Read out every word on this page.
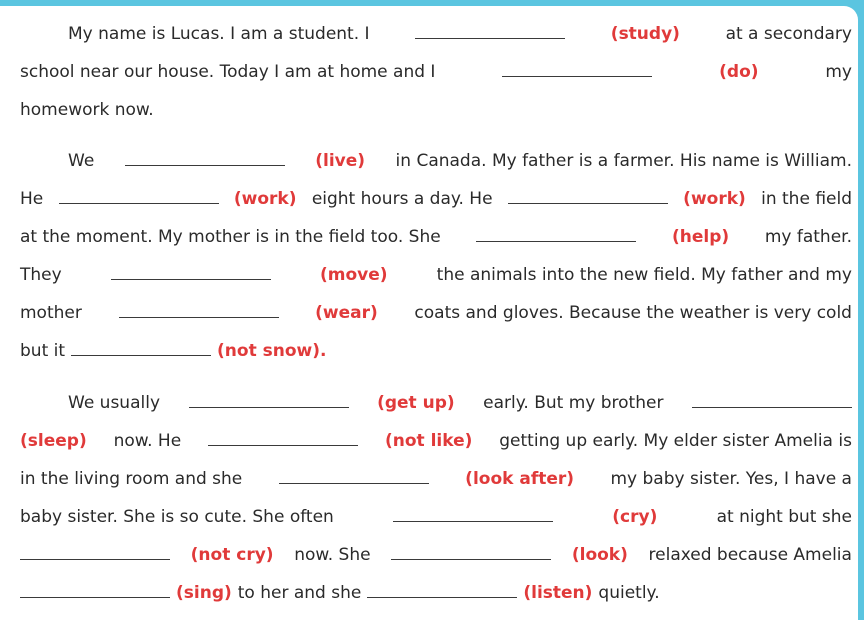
My name is Lucas. I am a student. I	(study)	at a secondary
school near our house. Today I am at home and I	(do)	my
homework now.
We	(live) in Canada. My father is a farmer. His name is William.
He	(work) eight hours a day. He	(work) in the field
at the moment. My mother is in the field too. She	(help) my father.
They	(move)	the animals into the new field. My father and my
mother	(wear) coats and gloves. Because the weather is very cold
but it	(not snow).
We usually	(get up) early. But my brother
(sleep) now. He	(not like) getting up early. My elder sister Amelia is
in the living room and she	(look after) my baby sister. Yes, I have a
baby sister. She is so cute. She often	(cry)	at night but she
(not cry) now. She	(look) relaxed because Amelia
(sing) to her and she	(listen) quietly.
